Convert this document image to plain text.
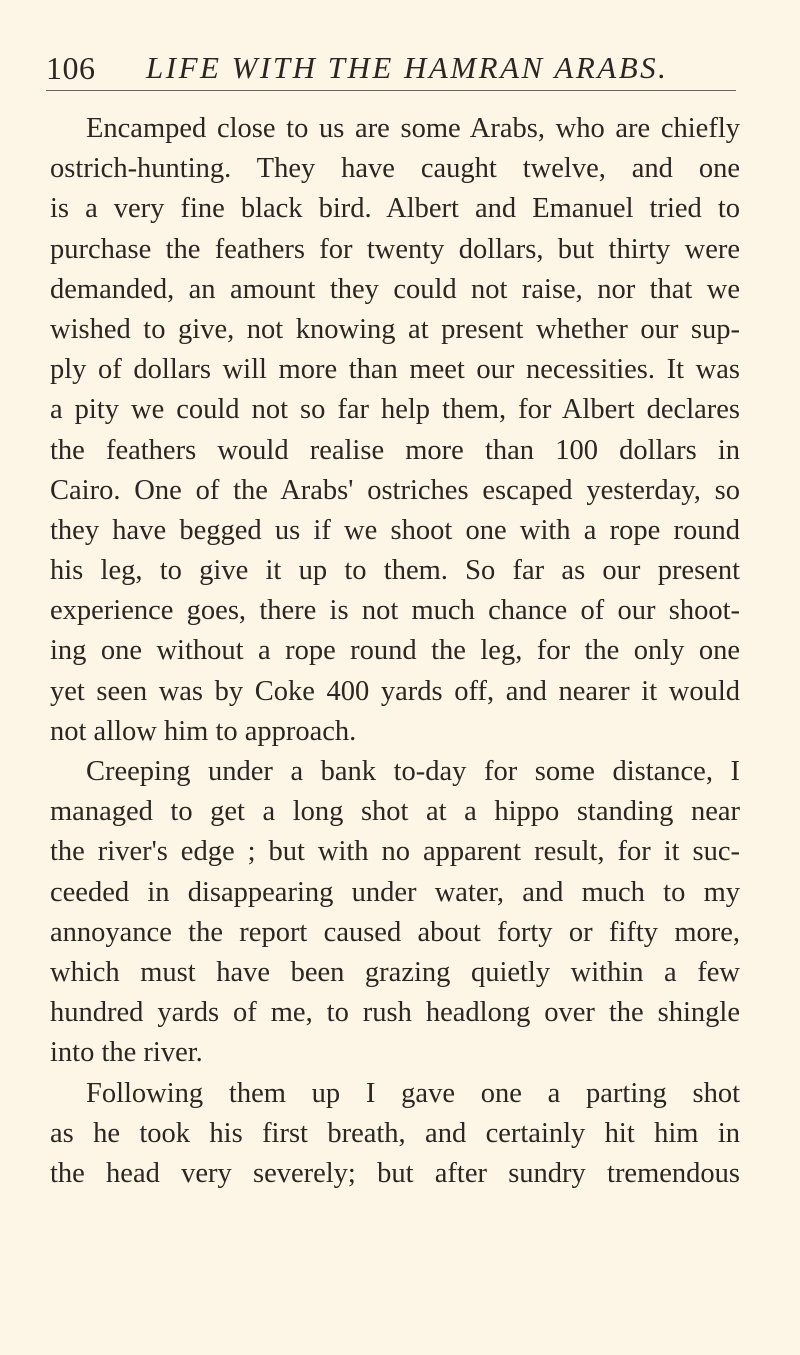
106 LIFE WITH THE HAMRAN ARABS.

Encamped close to us are some Arabs, who are chiefly
ostrich-hunting. They have caught twelve, and one
is a very fine black bird. Albert and Emanuel tried to
purchase the feathers for twenty dollars, but thirty were
demanded, an amount they could not raise, nor that we
wished to give, not knowing at present whether our sup-
ply of dollars will more than meet our necessities. It was
a pity we could not so far help them, for Albert declares
the feathers would realise more than 100 dollars in
Cairo. One of the Arabs' ostriches escaped yesterday, so
they have begged us if we shoot one with a rope round
his leg, to give it up to them. So far as our present
experience goes, there is not much chance of our shoot-
ing one without a rope round the leg, for the only one
yet seen was by Coke 400 yards off, and nearer it would
not allow him to approach.

Creeping under a bank to-day for some distance, I
managed to get a long shot at a hippo standing near
the river's edge ; but with no apparent result, for it suc-
ceeded in disappearing under water, and much to my
annoyance the report caused about forty or fifty more,
which must have been grazing quietly within a few
hundred yards of me, to rush headlong over the shingle
into the river.

Following them up I gave one a parting shot
as he took his first breath, and certainly hit him in
the head very severely; but after sundry tremendous
